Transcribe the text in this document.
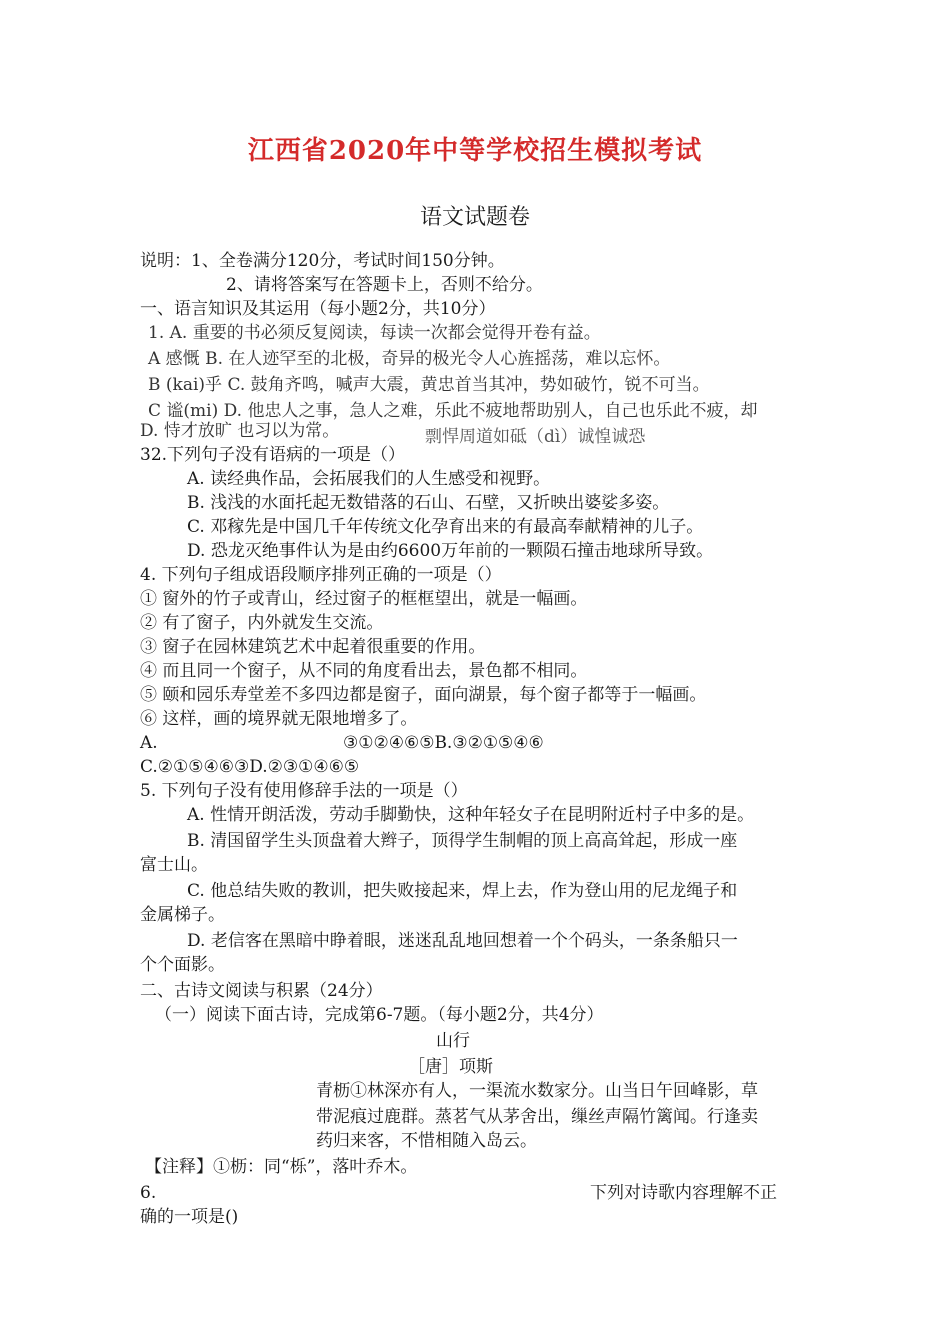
江西省2020年中等学校招生模拟考试
语文试题卷
说明：1、全卷满分120分，考试时间150分钟。
2、请将答案写在答题卡上，否则不给分。
一、语言知识及其运用（每小题2分，共10分）
1. A. 重要的书必须反复阅读，每读一次都会觉得开卷有益。
A 感慨 B. 在人迹罕至的北极，奇异的极光令人心旌摇荡，难以忘怀。
B (kai)乎 C. 鼓角齐鸣，喊声大震，黄忠首当其冲，势如破竹，锐不可当。
C 谧(mi) D. 他忠人之事，急人之难，乐此不疲地帮助别人，自己也乐此不疲，却
D. 恃才放旷 也习以为常。	剽悍周道如砥（dì）诚惶诚恐
32.下列句子没有语病的一项是（）
A. 读经典作品，会拓展我们的人生感受和视野。
B. 浅浅的水面托起无数错落的石山、石壁，又折映出婆娑多姿。
C. 邓稼先是中国几千年传统文化孕育出来的有最高奉献精神的儿子。
D. 恐龙灭绝事件认为是由约6600万年前的一颗陨石撞击地球所导致。
4. 下列句子组成语段顺序排列正确的一项是（）
① 窗外的竹子或青山，经过窗子的框框望出，就是一幅画。
② 有了窗子，内外就发生交流。
③ 窗子在园林建筑艺术中起着很重要的作用。
④ 而且同一个窗子，从不同的角度看出去，景色都不相同。
⑤ 颐和园乐寿堂差不多四边都是窗子，面向湖景，每个窗子都等于一幅画。
⑥ 这样，画的境界就无限地增多了。
A.	③①②④⑥⑤B.③②①⑤④⑥
C.②①⑤④⑥③D.②③①④⑥⑤
5. 下列句子没有使用修辞手法的一项是（）
A. 性情开朗活泼，劳动手脚勤快，这种年轻女子在昆明附近村子中多的是。
B. 清国留学生头顶盘着大辫子，顶得学生制帽的顶上高高耸起，形成一座
富士山。
C. 他总结失败的教训，把失败接起来，焊上去，作为登山用的尼龙绳子和
金属梯子。
D. 老信客在黑暗中睁着眼，迷迷乱乱地回想着一个个码头，一条条船只一
个个面影。
二、古诗文阅读与积累（24分）
（一）阅读下面古诗，完成第6-7题。（每小题2分，共4分）
山行
［唐］项斯
青枥①林深亦有人，一渠流水数家分。山当日午回峰影，草
带泥痕过鹿群。蒸茗气从茅舍出，缫丝声隔竹篱闻。行逢卖
药归来客，不惜相随入岛云。
【注释】①枥：同“栎”，落叶乔木。
6.	下列对诗歌内容理解不正
确的一项是()
